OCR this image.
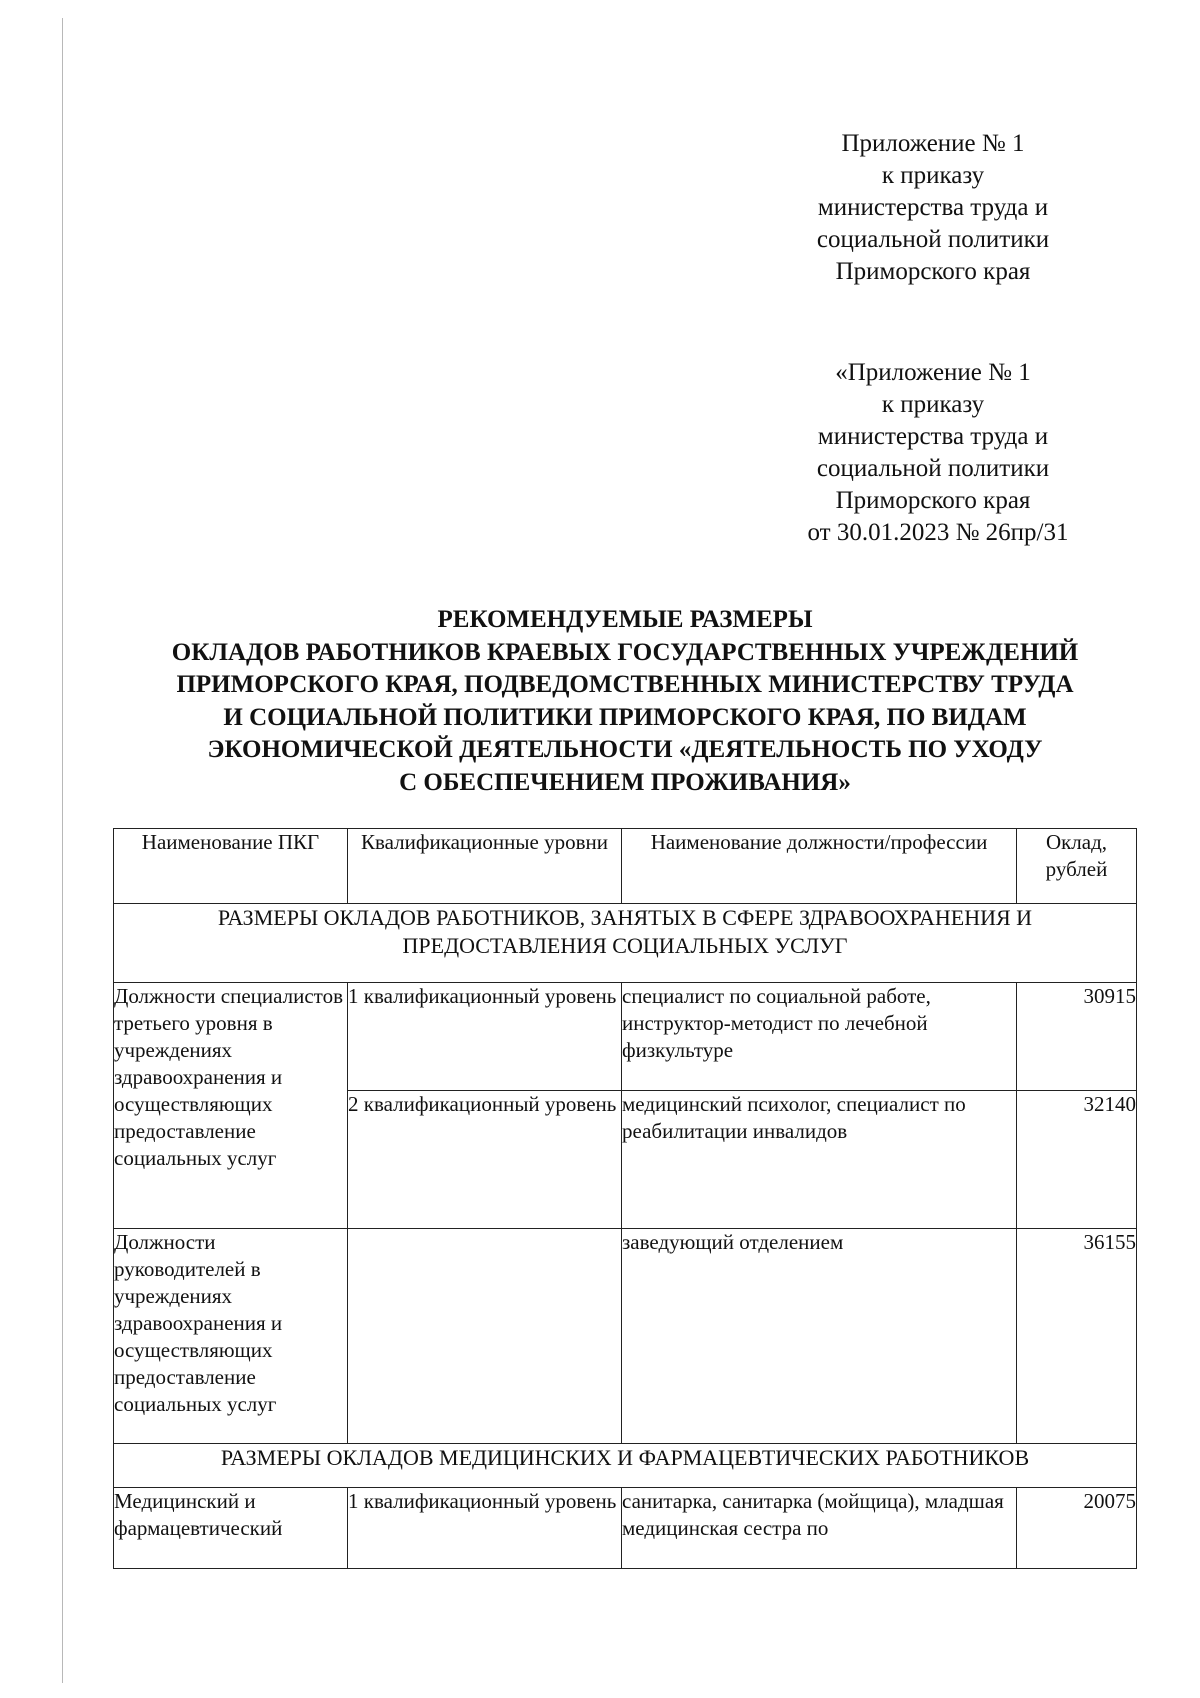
Приложение № 1
к приказу
министерства труда и
социальной политики
Приморского края
«Приложение № 1
к приказу
министерства труда и
социальной политики
Приморского края
от 30.01.2023 № 26пр/31
РЕКОМЕНДУЕМЫЕ РАЗМЕРЫ
ОКЛАДОВ РАБОТНИКОВ КРАЕВЫХ ГОСУДАРСТВЕННЫХ УЧРЕЖДЕНИЙ
ПРИМОРСКОГО КРАЯ, ПОДВЕДОМСТВЕННЫХ МИНИСТЕРСТВУ ТРУДА
И СОЦИАЛЬНОЙ ПОЛИТИКИ ПРИМОРСКОГО КРАЯ, ПО ВИДАМ
ЭКОНОМИЧЕСКОЙ ДЕЯТЕЛЬНОСТИ «ДЕЯТЕЛЬНОСТЬ ПО УХОДУ
С ОБЕСПЕЧЕНИЕМ ПРОЖИВАНИЯ»
Наименование ПКГ	Квалификационные уровни	Наименование должности/профессии	Оклад, рублей
РАЗМЕРЫ ОКЛАДОВ РАБОТНИКОВ, ЗАНЯТЫХ В СФЕРЕ ЗДРАВООХРАНЕНИЯ И ПРЕДОСТАВЛЕНИЯ СОЦИАЛЬНЫХ УСЛУГ			
Должности специалистов третьего уровня в учреждениях здравоохранения и осуществляющих предоставление социальных услуг	1 квалификационный уровень	специалист по социальной работе, инструктор-методист по лечебной физкультуре	30915
	2 квалификационный уровень	медицинский психолог, специалист по реабилитации инвалидов	32140
Должности руководителей в учреждениях здравоохранения и осуществляющих предоставление социальных услуг		заведующий отделением	36155
РАЗМЕРЫ ОКЛАДОВ МЕДИЦИНСКИХ И ФАРМАЦЕВТИЧЕСКИХ РАБОТНИКОВ			
Медицинский и фармацевтический	1 квалификационный уровень	санитарка, санитарка (мойщица), младшая медицинская сестра по	20075
